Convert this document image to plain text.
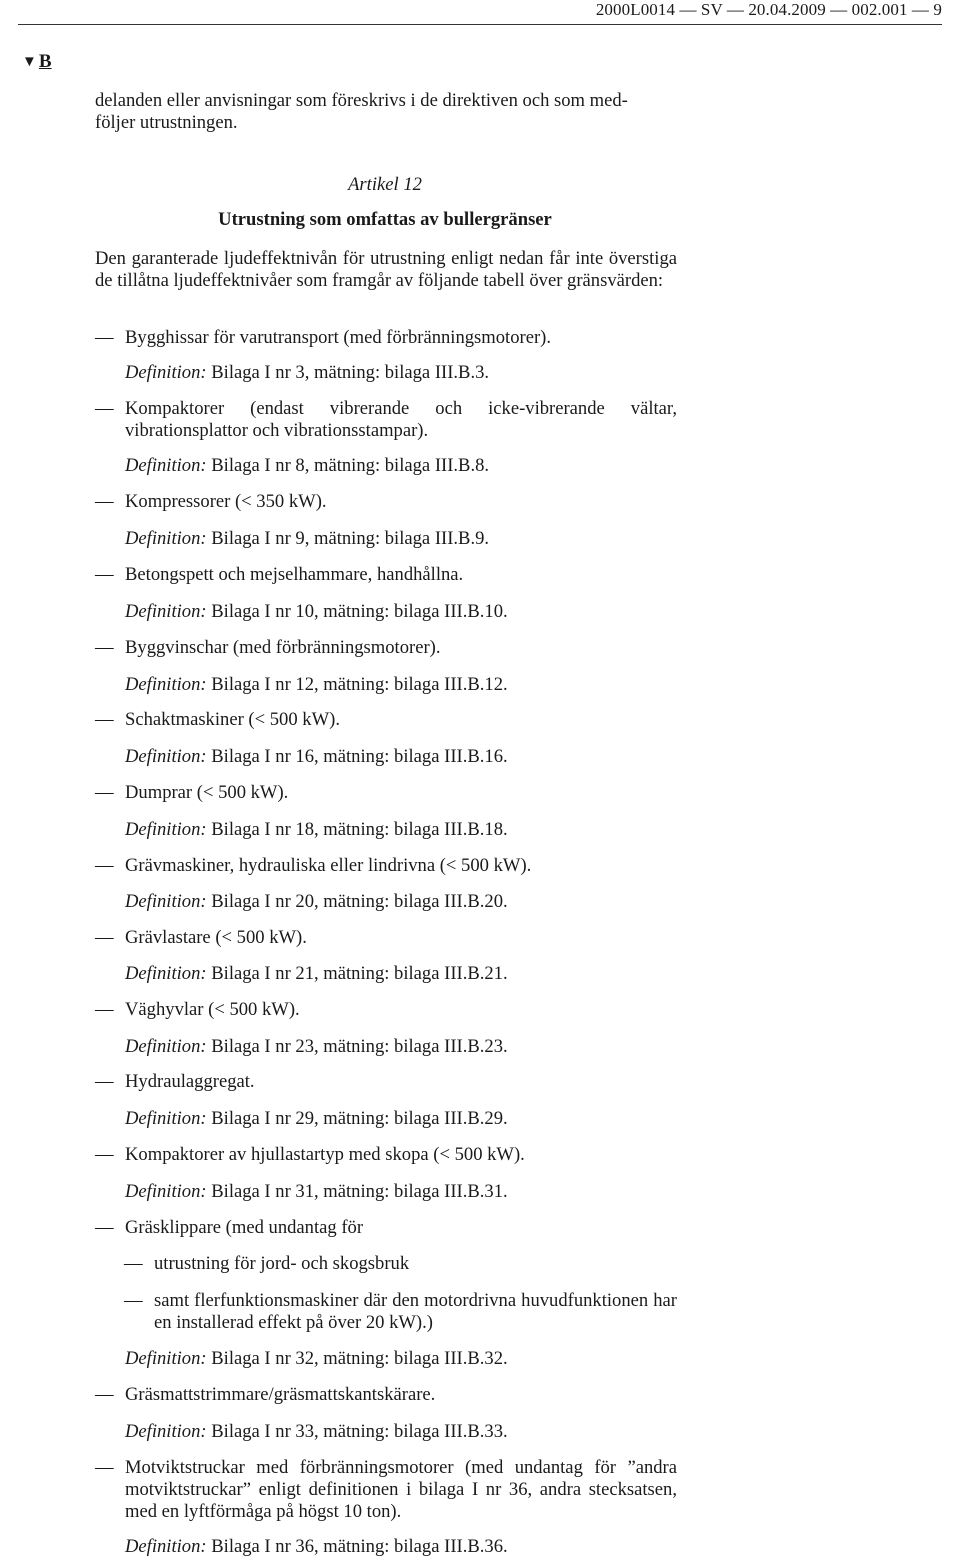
2000L0014 — SV — 20.04.2009 — 002.001 — 9
▼ B
delanden eller anvisningar som föreskrivs i de direktiven och som med-
följer utrustningen.
Artikel 12
Utrustning som omfattas av bullergränser
Den garanterade ljudeffektnivån för utrustning enligt nedan får inte överstiga de tillåtna ljudeffektnivåer som framgår av följande tabell över gränsvärden:
— Bygghissar för varutransport (med förbränningsmotorer).
Definition: Bilaga I nr 3, mätning: bilaga III.B.3.
— Kompaktorer (endast vibrerande och icke-vibrerande vältar, vibrationsplattor och vibrationsstampar).
Definition: Bilaga I nr 8, mätning: bilaga III.B.8.
— Kompressorer (< 350 kW).
Definition: Bilaga I nr 9, mätning: bilaga III.B.9.
— Betongspett och mejselhammare, handhållna.
Definition: Bilaga I nr 10, mätning: bilaga III.B.10.
— Byggvinschar (med förbränningsmotorer).
Definition: Bilaga I nr 12, mätning: bilaga III.B.12.
— Schaktmaskiner (< 500 kW).
Definition: Bilaga I nr 16, mätning: bilaga III.B.16.
— Dumprar (< 500 kW).
Definition: Bilaga I nr 18, mätning: bilaga III.B.18.
— Grävmaskiner, hydrauliska eller lindrivna (< 500 kW).
Definition: Bilaga I nr 20, mätning: bilaga III.B.20.
— Grävlastare (< 500 kW).
Definition: Bilaga I nr 21, mätning: bilaga III.B.21.
— Väghyvlar (< 500 kW).
Definition: Bilaga I nr 23, mätning: bilaga III.B.23.
— Hydraulaggregat.
Definition: Bilaga I nr 29, mätning: bilaga III.B.29.
— Kompaktorer av hjullastartyp med skopa (< 500 kW).
Definition: Bilaga I nr 31, mätning: bilaga III.B.31.
— Gräsklippare (med undantag för
— utrustning för jord- och skogsbruk
— samt flerfunktionsmaskiner där den motordrivna huvudfunktionen har en installerad effekt på över 20 kW).)
Definition: Bilaga I nr 32, mätning: bilaga III.B.32.
— Gräsmattstrimmare/gräsmattskantskärare.
Definition: Bilaga I nr 33, mätning: bilaga III.B.33.
— Motviktstruckar med förbränningsmotorer (med undantag för ”andra motviktstruckar” enligt definitionen i bilaga I nr 36, andra stecksatsen, med en lyftförmåga på högst 10 ton).
Definition: Bilaga I nr 36, mätning: bilaga III.B.36.
